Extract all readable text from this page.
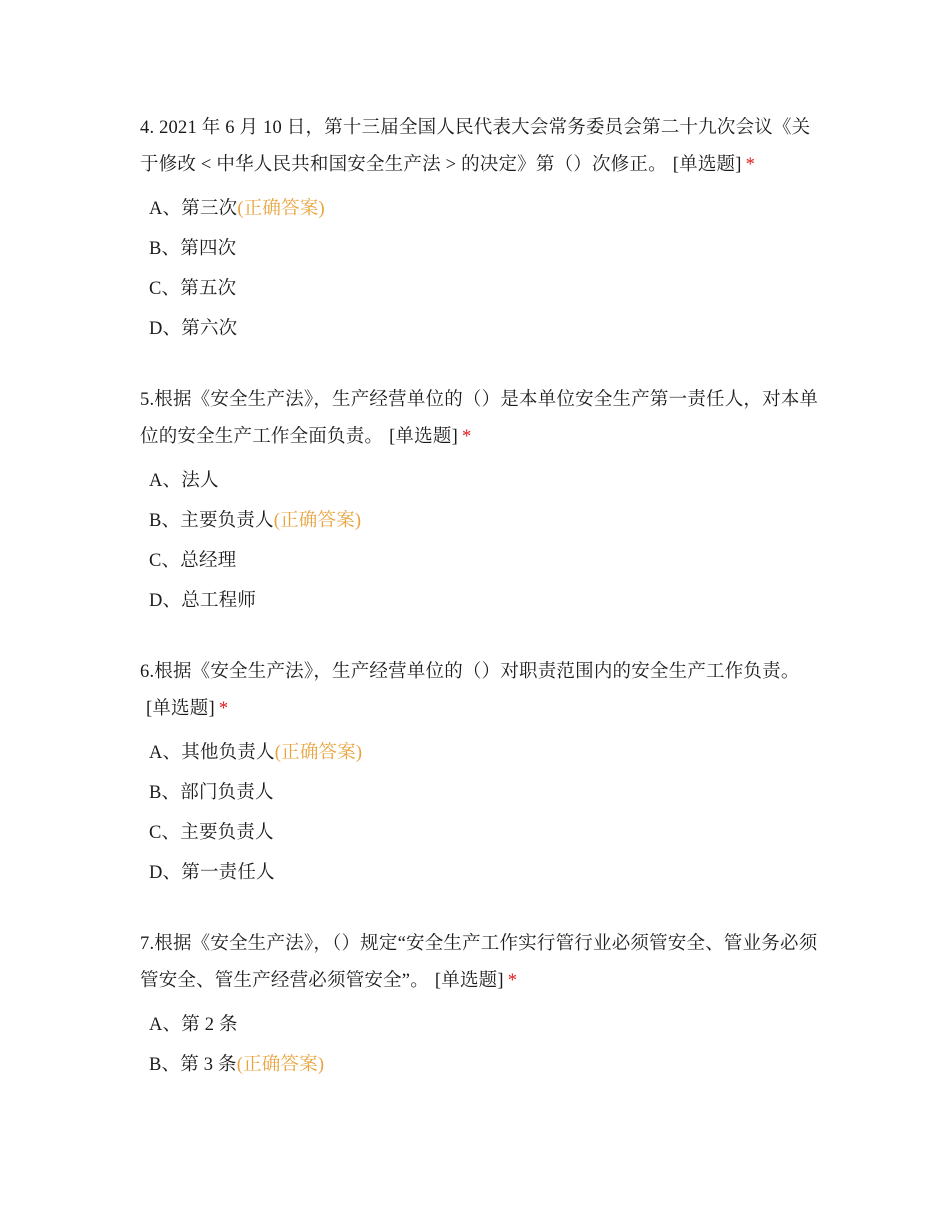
4. 2021 年 6 月 10 日，第十三届全国人民代表大会常务委员会第二十九次会议《关于修改 < 中华人民共和国安全生产法 > 的决定》第（）次修正。 [单选题] *
A、第三次(正确答案)
B、第四次
C、第五次
D、第六次
5.根据《安全生产法》，生产经营单位的（）是本单位安全生产第一责任人，对本单位的安全生产工作全面负责。 [单选题] *
A、法人
B、主要负责人(正确答案)
C、总经理
D、总工程师
6.根据《安全生产法》，生产经营单位的（）对职责范围内的安全生产工作负责。[单选题] *
A、其他负责人(正确答案)
B、部门负责人
C、主要负责人
D、第一责任人
7.根据《安全生产法》，（）规定“安全生产工作实行管行业必须管安全、管业务必须管安全、管生产经营必须管安全”。 [单选题] *
A、第 2 条
B、第 3 条(正确答案)
